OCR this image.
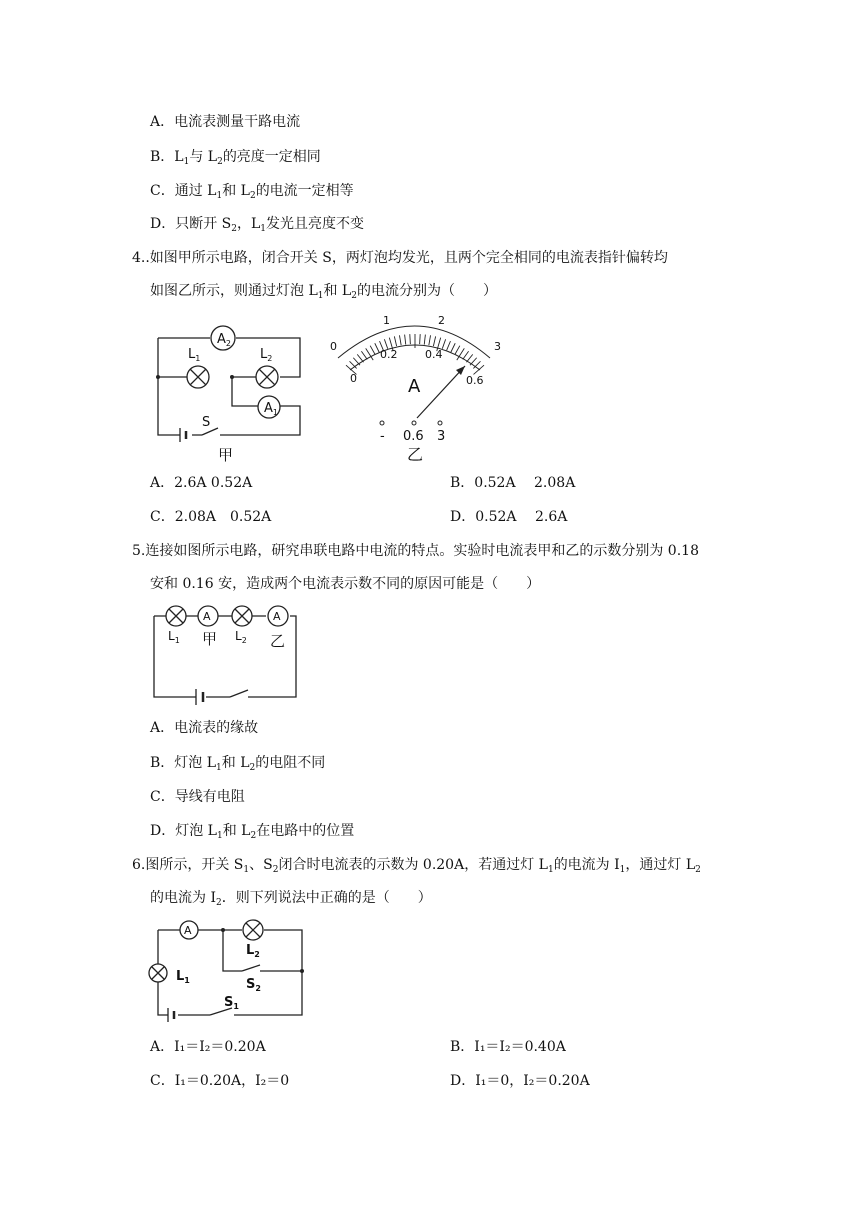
A．电流表测量干路电流
B．$L_1$与 $L_2$的亮度一定相同
C．通过 $L_1$和 $L_2$的电流一定相等
D．只断开 $S_2$，$L_1$发光且亮度不变
4..如图甲所示电路，闭合开关 S，两灯泡均发光，且两个完全相同的电流表指针偏转均
如图乙所示，则通过灯泡 $L_1$和 $L_2$的电流分别为（　　）
$A_2$
$L_1$	$L_2$
$A_1$
S
甲
0
1	2
3
0
0.2	0.4
0.6
A
- 0.6 3
乙
A．2.6A 0.52A	B．0.52A　 2.08A
C．2.08A　0.52A	D．0.52A　 2.6A
5.连接如图所示电路，研究串联电路中电流的特点。实验时电流表甲和乙的示数分别为 0.18
安和 0.16 安，造成两个电流表示数不同的原因可能是（　　）
A	A
$L_1$ 甲 $L_2$ 乙
A．电流表的缘故
B．灯泡 $L_1$和 $L_2$的电阻不同
C．导线有电阻
D．灯泡 $L_1$和 $L_2$在电路中的位置
6.图所示，开关 $S_1$、$S_2$闭合时电流表的示数为 0.20A，若通过灯 $L_1$的电流为 $I_1$，通过灯 $L_2$
的电流为 $I_2$．则下列说法中正确的是（　　）
A
$L_2$
$L_1$	$S_2$
$S_1$
A．I₁＝I₂＝0.20A	B．I₁＝I₂＝0.40A
C．I₁＝0.20A，I₂＝0	D．I₁＝0，I₂＝0.20A
